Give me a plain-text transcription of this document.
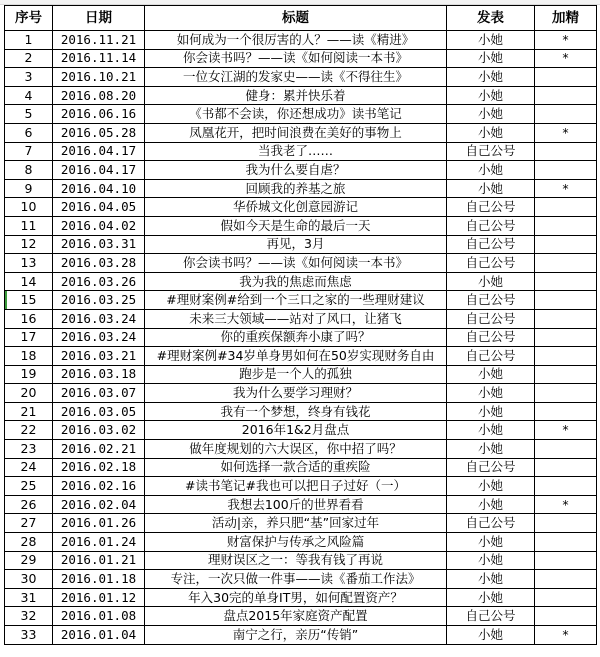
序号	日期	标题	发表	加精
1	2016.11.21	如何成为一个很厉害的人？——读《精进》	小她	*
2	2016.11.14	你会读书吗？——读《如何阅读一本书》	小她	*
3	2016.10.21	一位女江湖的发家史——读《不得往生》	小她	
4	2016.08.20	健身：累并快乐着	小她	
5	2016.06.16	《书都不会读，你还想成功》读书笔记	小她	
6	2016.05.28	凤凰花开，把时间浪费在美好的事物上	小她	*
7	2016.04.17	当我老了……	自己公号	
8	2016.04.17	我为什么要自虐？	小她	
9	2016.04.10	回顾我的养基之旅	小她	*
10	2016.04.05	华侨城文化创意园游记	自己公号	
11	2016.04.02	假如今天是生命的最后一天	自己公号	
12	2016.03.31	再见，3月	自己公号	
13	2016.03.28	你会读书吗？——读《如何阅读一本书》	自己公号	
14	2016.03.26	我为我的焦虑而焦虑	小她	
15	2016.03.25	#理财案例#给到一个三口之家的一些理财建议	自己公号	
16	2016.03.24	未来三大领域——站对了风口，让猪飞	自己公号	
17	2016.03.24	你的重疾保额奔小康了吗？	自己公号	
18	2016.03.21	#理财案例#34岁单身男如何在50岁实现财务自由	自己公号	
19	2016.03.18	跑步是一个人的孤独	小她	
20	2016.03.07	我为什么要学习理财？	小她	
21	2016.03.05	我有一个梦想，终身有钱花	小她	
22	2016.03.02	2016年1&2月盘点	小她	*
23	2016.02.21	做年度规划的六大误区，你中招了吗？	小她	
24	2016.02.18	如何选择一款合适的重疾险	自己公号	
25	2016.02.16	#读书笔记#我也可以把日子过好（一）	小她	
26	2016.02.04	我想去100斤的世界看看	小她	*
27	2016.01.26	活动|亲，养只肥“基”回家过年	自己公号	
28	2016.01.24	财富保护与传承之风险篇	小她	
29	2016.01.21	理财误区之一：等我有钱了再说	小她	
30	2016.01.18	专注，一次只做一件事——读《番茄工作法》	小她	
31	2016.01.12	年入30完的单身IT男，如何配置资产？	小她	
32	2016.01.08	盘点2015年家庭资产配置	自己公号	
33	2016.01.04	南宁之行，亲历“传销”	小她	*
